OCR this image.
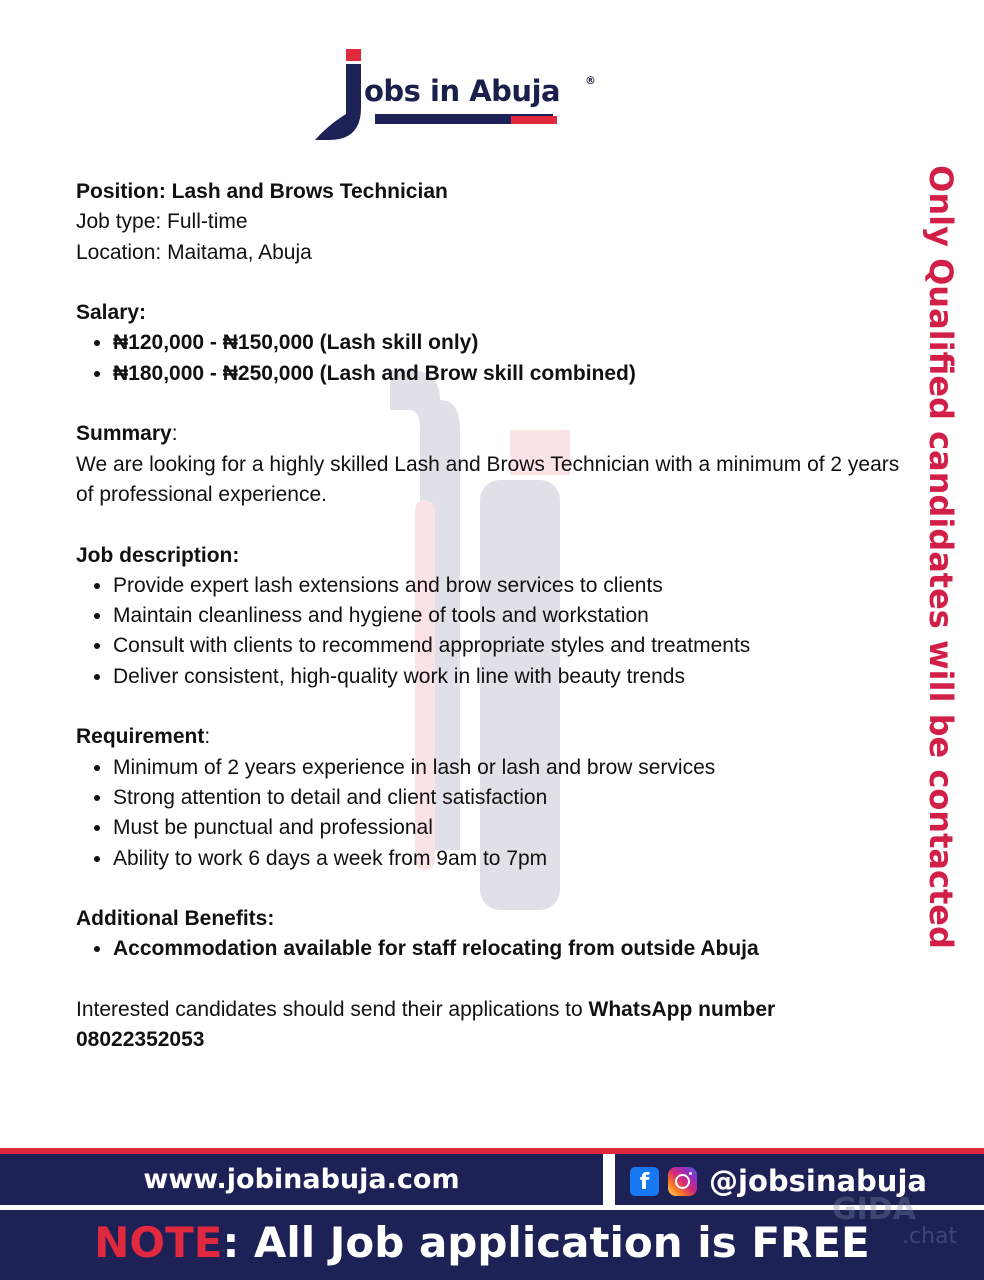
obs in Abuja ®

Position: Lash and Brows Technician

Job type: Full-time

Location: Maitama, Abuja

Salary:

• ₦120,000 - ₦150,000 (Lash skill only)
• ₦180,000 - ₦250,000 (Lash and Brow skill combined)

Summary:

We are looking for a highly skilled Lash and Brows Technician with a minimum of 2 years of professional experience.

Job description:

• Provide expert lash extensions and brow services to clients
• Maintain cleanliness and hygiene of tools and workstation
• Consult with clients to recommend appropriate styles and treatments
• Deliver consistent, high-quality work in line with beauty trends

Requirement:

• Minimum of 2 years experience in lash or lash and brow services
• Strong attention to detail and client satisfaction
• Must be punctual and professional
• Ability to work 6 days a week from 9am to 7pm

Additional Benefits:

• Accommodation available for staff relocating from outside Abuja

Interested candidates should send their applications to WhatsApp number 08022352053

Only Qualified candidates will be contacted
www.jobinabuja.com	f	@jobsinabuja
NOTE: All Job application is FREE
GIDA
.chat
